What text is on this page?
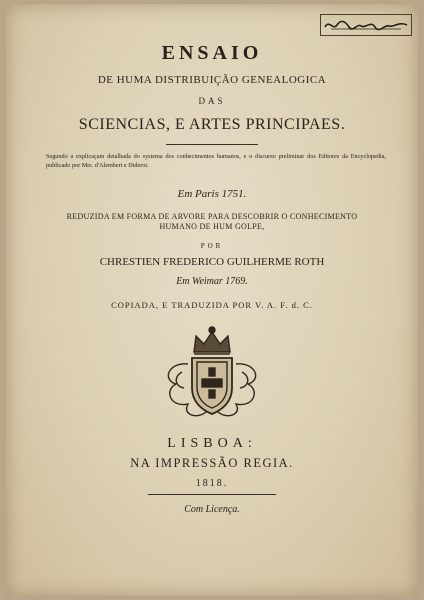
ENSAIO
DE HUMA DISTRIBUIÇÃO GENEALOGICA
DAS
SCIENCIAS, E ARTES PRINCIPAES.
Segundo a explicaçam detalhada do systema dos conhecimentos humanos, e o discurso preliminar dos Editores da Encyclopedia, publicado por Mrs. d'Alembert e Diderot.
Em Paris 1751.
REDUZIDA EM FORMA DE ARVORE PARA DESCOBRIR O CONHECIMENTO HUMANO DE HUM GOLPE,
POR
CHRESTIEN FREDERICO GUILHERME ROTH
Em Weimar 1769.
COPIADA, E TRADUZIDA POR V. A. F. d. C.
LISBOA:
NA IMPRESSÃO REGIA.
1818.
Com Licença.
